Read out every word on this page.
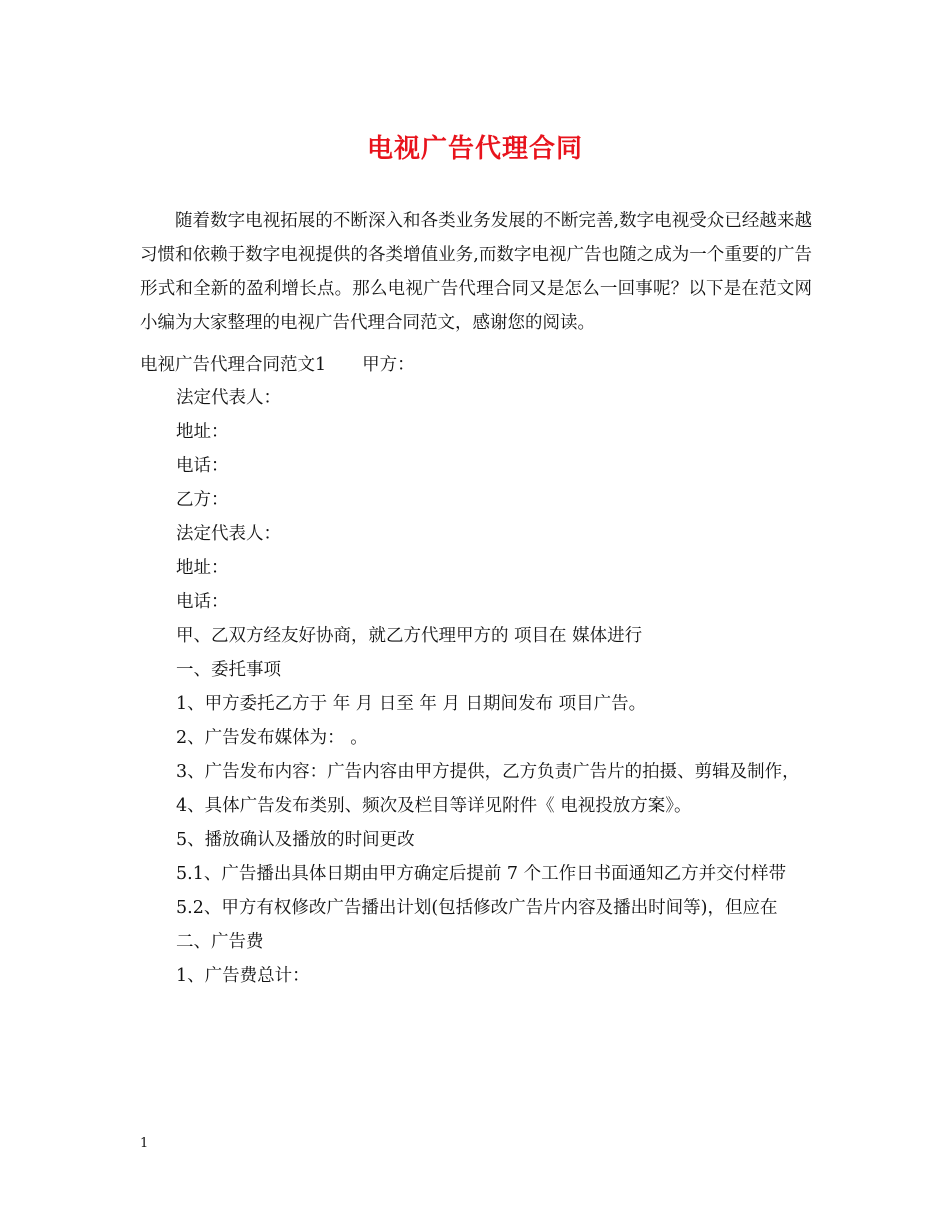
电视广告代理合同

随着数字电视拓展的不断深入和各类业务发展的不断完善,数字电视受众已经越来越习惯和依赖于数字电视提供的各类增值业务,而数字电视广告也随之成为一个重要的广告形式和全新的盈利增长点。那么电视广告代理合同又是怎么一回事呢？以下是在范文网小编为大家整理的电视广告代理合同范文，感谢您的阅读。

电视广告代理合同范文1 甲方：

法定代表人：
地址：
电话：
乙方：
法定代表人：
地址：
电话：
甲、乙双方经友好协商，就乙方代理甲方的 项目在 媒体进行
一、委托事项
1、甲方委托乙方于 年 月 日至 年 月 日期间发布 项目广告。
2、广告发布媒体为： 。
3、广告发布内容：广告内容由甲方提供，乙方负责广告片的拍摄、剪辑及制作，
4、具体广告发布类别、频次及栏目等详见附件《 电视投放方案》。
5、播放确认及播放的时间更改
5.1、广告播出具体日期由甲方确定后提前 7 个工作日书面通知乙方并交付样带
5.2、甲方有权修改广告播出计划(包括修改广告片内容及播出时间等)，但应在
二、广告费
1、广告费总计：

1
